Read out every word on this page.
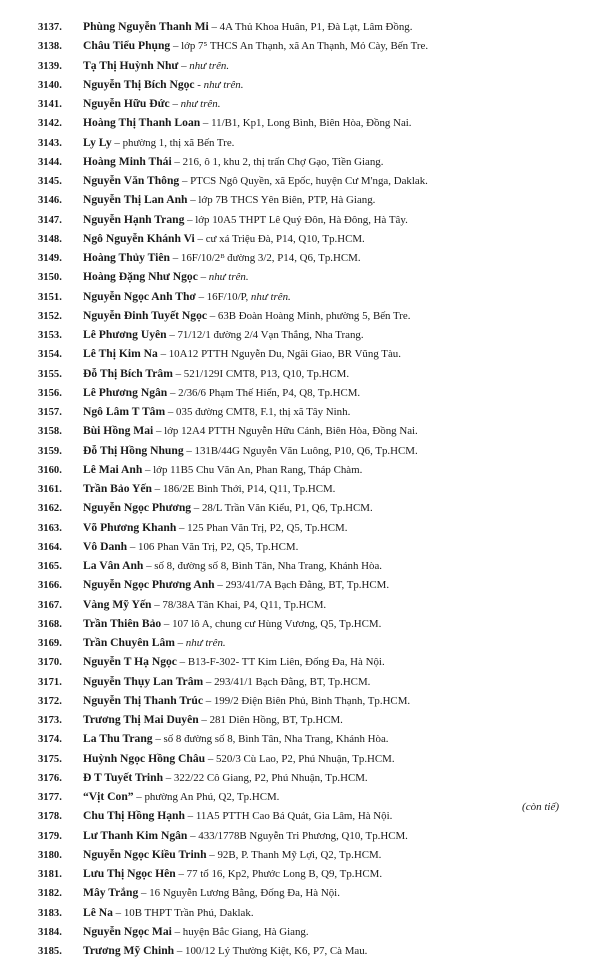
3137. Phùng Nguyễn Thanh Mi – 4A Thủ Khoa Huân, P1, Đà Lạt, Lâm Đồng.
3138. Châu Tiểu Phụng – lớp 7⁵ THCS An Thạnh, xã An Thạnh, Mỏ Cày, Bến Tre.
3139. Tạ Thị Huỳnh Như – như trên.
3140. Nguyễn Thị Bích Ngọc - như trên.
3141. Nguyễn Hữu Đức – như trên.
3142. Hoàng Thị Thanh Loan – 11/B1, Kp1, Long Bình, Biên Hòa, Đồng Nai.
3143. Ly Ly – phường 1, thị xã Bến Tre.
3144. Hoàng Minh Thái – 216, ô 1, khu 2, thị trấn Chợ Gạo, Tiền Giang.
3145. Nguyễn Văn Thông – PTCS Ngô Quyền, xã Epốc, huyện Cư M'nga, Daklak.
3146. Nguyễn Thị Lan Anh – lớp 7B THCS Yên Biên, PTP, Hà Giang.
3147. Nguyễn Hạnh Trang – lớp 10A5 THPT Lê Quý Đôn, Hà Đông, Hà Tây.
3148. Ngô Nguyễn Khánh Vi – cư xá Triệu Đà, P14, Q10, Tp.HCM.
3149. Hoàng Thủy Tiên – 16F/10/2ᴮ đường 3/2, P14, Q6, Tp.HCM.
3150. Hoàng Đặng Như Ngọc – như trên.
3151. Nguyễn Ngọc Anh Thơ – 16F/10/P, như trên.
3152. Nguyễn Đinh Tuyết Ngọc – 63B Đoàn Hoàng Minh, phường 5, Bến Tre.
3153. Lê Phương Uyên – 71/12/1 đường 2/4 Vạn Thắng, Nha Trang.
3154. Lê Thị Kim Na – 10A12 PTTH Nguyễn Du, Ngãi Giao, BR Vũng Tàu.
3155. Đỗ Thị Bích Trâm – 521/129I CMT8, P13, Q10, Tp.HCM.
3156. Lê Phương Ngân – 2/36/6 Phạm Thế Hiển, P4, Q8, Tp.HCM.
3157. Ngô Lâm T Tâm – 035 đường CMT8, F.1, thị xã Tây Ninh.
3158. Bùi Hồng Mai – lớp 12A4 PTTH Nguyễn Hữu Cảnh, Biên Hòa, Đồng Nai.
3159. Đỗ Thị Hồng Nhung – 131B/44G Nguyễn Văn Luông, P10, Q6, Tp.HCM.
3160. Lê Mai Anh – lớp 11B5 Chu Văn An, Phan Rang, Tháp Chàm.
3161. Trần Bảo Yến – 186/2E Bình Thới, P14, Q11, Tp.HCM.
3162. Nguyễn Ngọc Phương – 28/L Trần Văn Kiểu, P1, Q6, Tp.HCM.
3163. Võ Phương Khanh – 125 Phan Văn Trị, P2, Q5, Tp.HCM.
3164. Vô Danh – 106 Phan Văn Trị, P2, Q5, Tp.HCM.
3165. La Vân Anh – số 8, đường số 8, Bình Tân, Nha Trang, Khánh Hòa.
3166. Nguyễn Ngọc Phương Anh – 293/41/7A Bạch Đằng, BT, Tp.HCM.
3167. Vàng Mỹ Yến – 78/38A Tân Khai, P4, Q11, Tp.HCM.
3168. Trần Thiên Bảo – 107 lô A, chung cư Hùng Vương, Q5, Tp.HCM.
3169. Trần Chuyên Lâm – như trên.
3170. Nguyễn T Hạ Ngọc – B13-F-302- TT Kim Liên, Đống Đa, Hà Nội.
3171. Nguyễn Thụy Lan Trâm – 293/41/1 Bạch Đằng, BT, Tp.HCM.
3172. Nguyễn Thị Thanh Trúc – 199/2 Điện Biên Phủ, Bình Thạnh, Tp.HCM.
3173. Trương Thị Mai Duyên – 281 Diên Hồng, BT, Tp.HCM.
3174. La Thu Trang – số 8 đường số 8, Bình Tân, Nha Trang, Khánh Hòa.
3175. Huỳnh Ngọc Hồng Châu – 520/3 Cù Lao, P2, Phú Nhuận, Tp.HCM.
3176. Đ T Tuyết Trinh – 322/22 Cô Giang, P2, Phú Nhuận, Tp.HCM.
3177. “Vịt Con” – phường An Phú, Q2, Tp.HCM.
3178. Chu Thị Hồng Hạnh – 11A5 PTTH Cao Bá Quát, Gia Lâm, Hà Nội.
3179. Lư Thanh Kim Ngân – 433/1778B Nguyễn Tri Phương, Q10, Tp.HCM.
3180. Nguyễn Ngọc Kiều Trinh – 92B, P. Thanh Mỹ Lợi, Q2, Tp.HCM.
3181. Lưu Thị Ngọc Hên – 77 tổ 16, Kp2, Phước Long B, Q9, Tp.HCM.
3182. Mây Trắng – 16 Nguyễn Lương Bằng, Đống Đa, Hà Nội.
3183. Lê Na – 10B THPT Trần Phú, Daklak.
3184. Nguyễn Ngọc Mai – huyện Bắc Giang, Hà Giang.
3185. Trương Mỹ Chinh – 100/12 Lý Thường Kiệt, K6, P7, Cà Mau.
(còn tiế)
